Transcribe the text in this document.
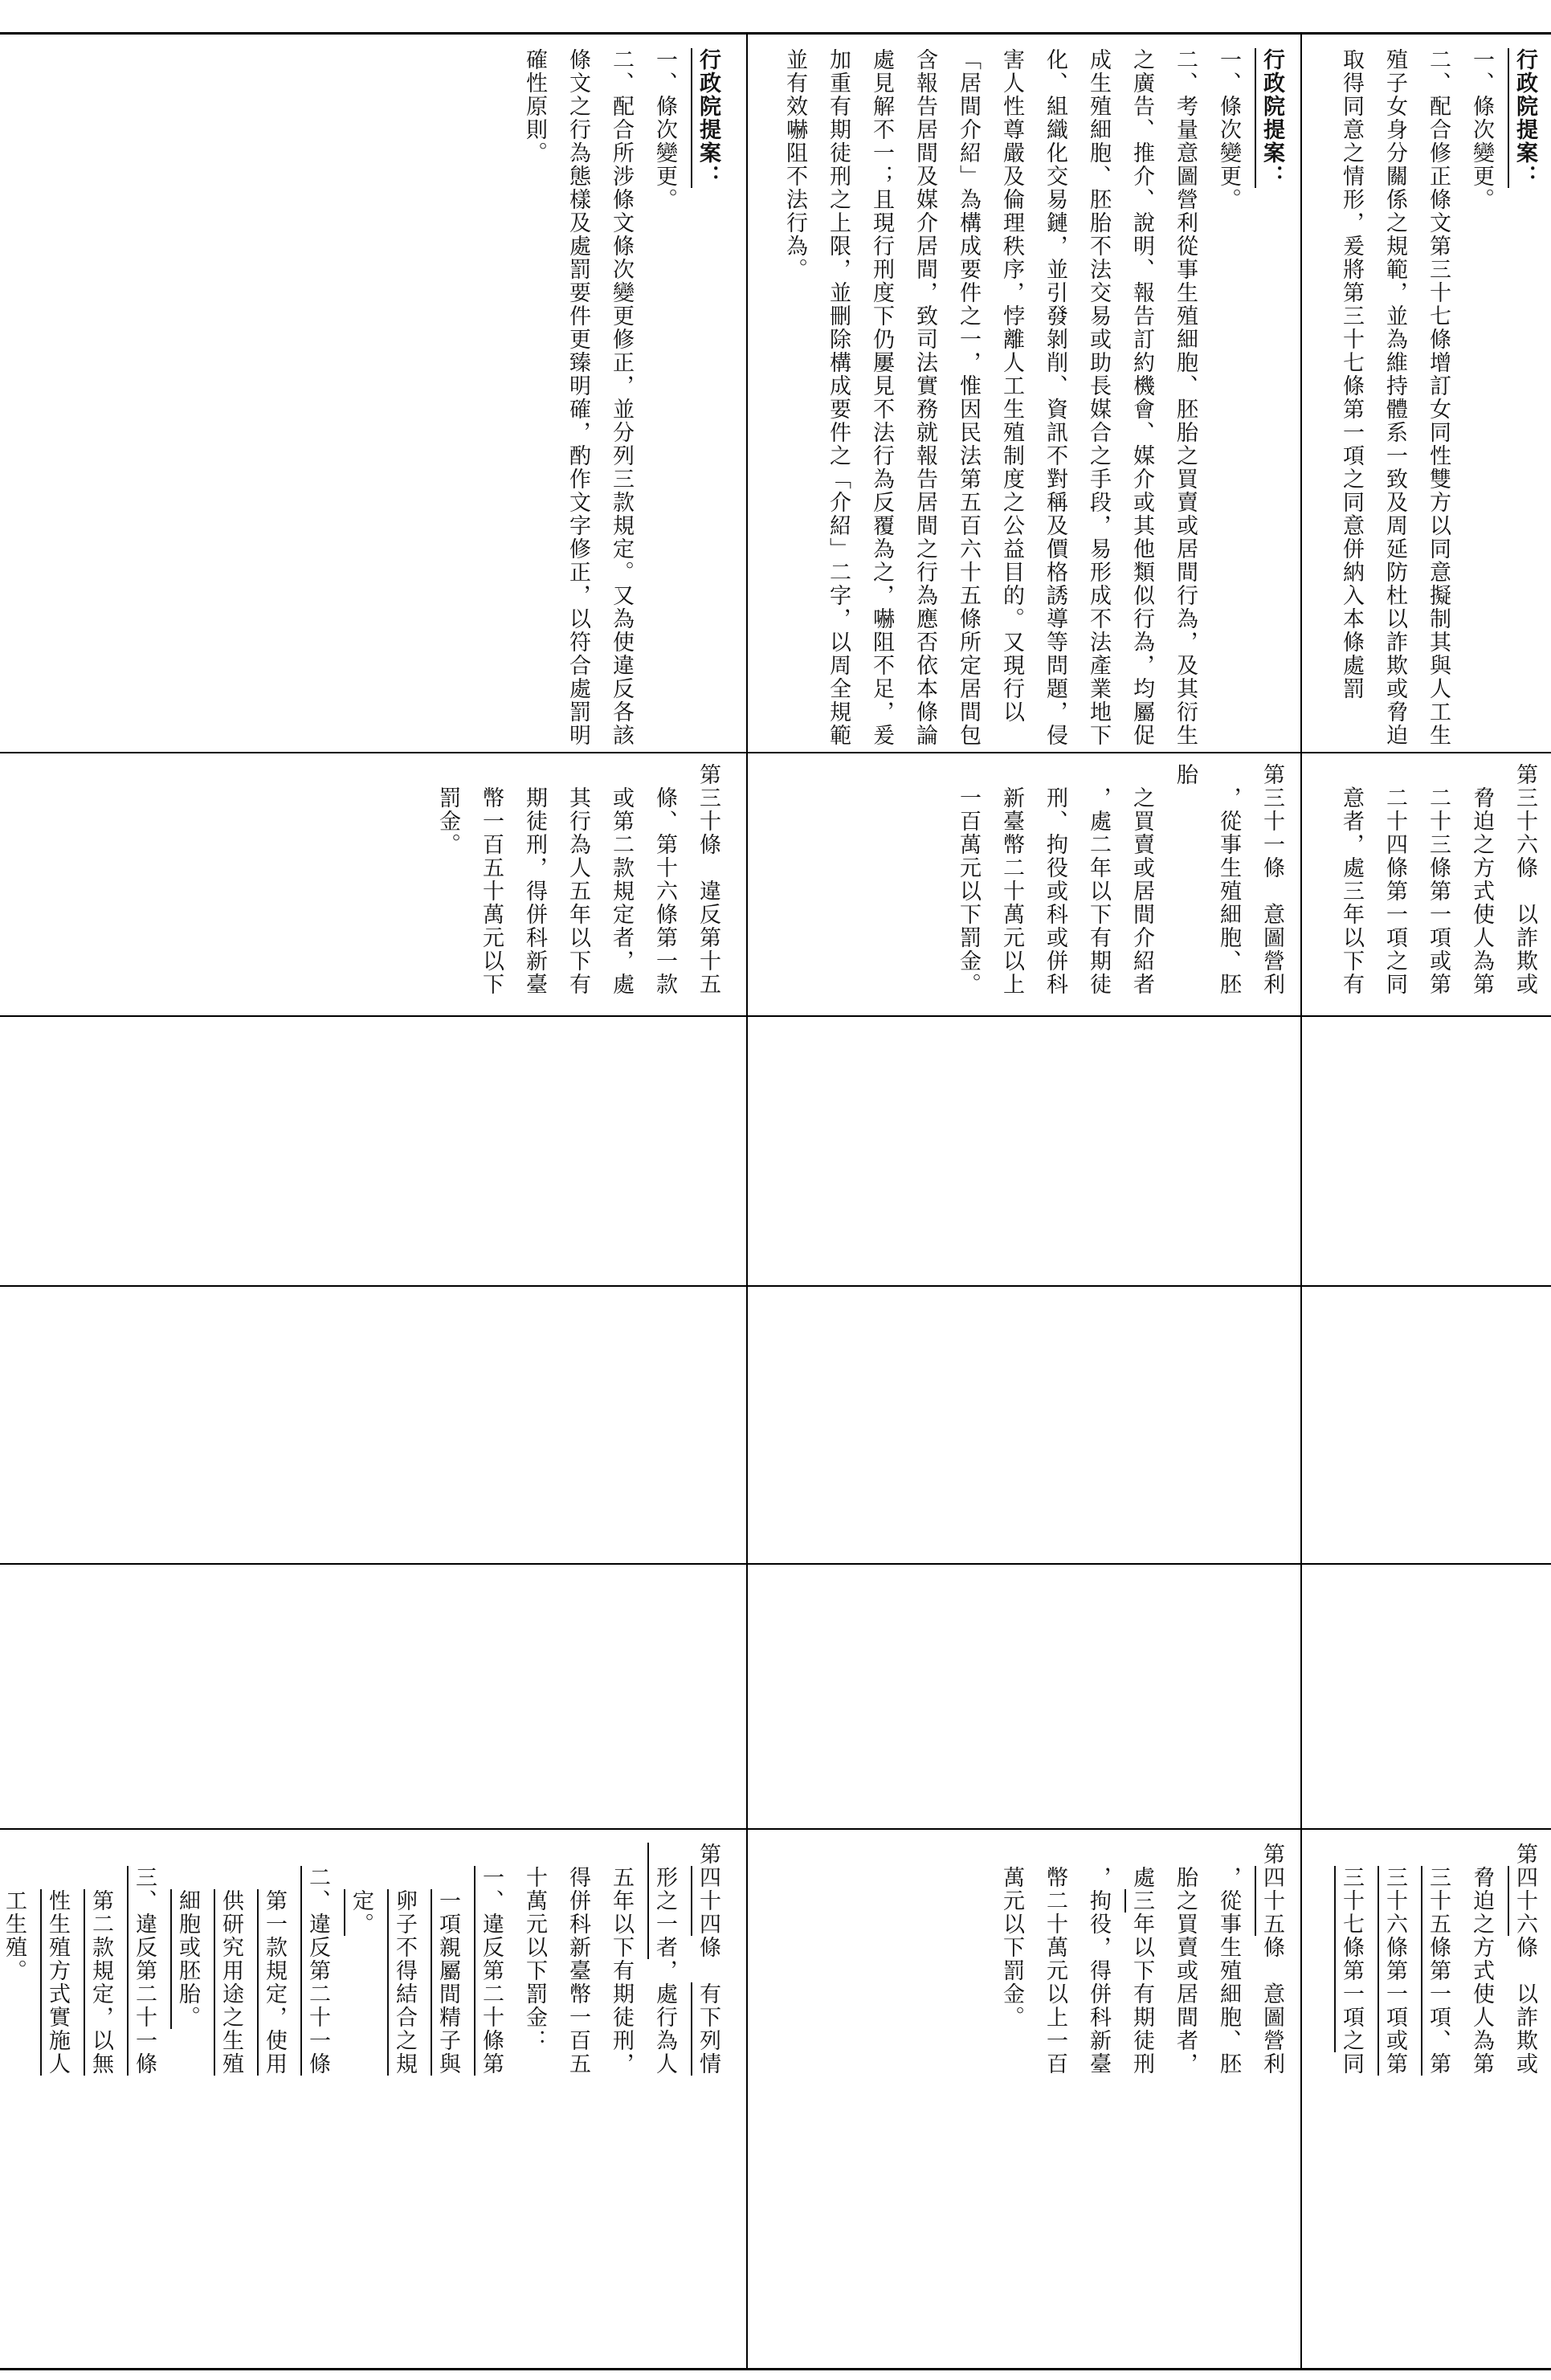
行政院提案：
一、條次變更。
二、配合所涉條文條次變更修正，並分列三款規定。又為使違反各該條文之行為態樣及處罰要件更臻明確，酌作文字修正，以符合處罰明確性原則。
第三十條　違反第十五
　條、第十六條第一款
　或第二款規定者，處
　其行為人五年以下有
　期徒刑，得併科新臺
　幣一百五十萬元以下
　罰金。
第四十四條　有下列情
　形之一者，處行為人
　五年以下有期徒刑，
　得併科新臺幣一百五
　十萬元以下罰金：
　一、違反第二十條第
　　一項親屬間精子與
　　卵子不得結合之規
　　定。
　二、違反第二十一條
　　第一款規定，使用
　　供研究用途之生殖
　　細胞或胚胎。
　三、違反第二十一條
　　第二款規定，以無
　　性生殖方式實施人
　　工生殖。
行政院提案：
一、條次變更。
二、考量意圖營利從事生殖細胞、胚胎之買賣或居間行為，及其衍生之廣告、推介、說明、報告訂約機會、媒介或其他類似行為，均屬促成生殖細胞、胚胎不法交易或助長媒合之手段，易形成不法產業地下化、組織化交易鏈，並引發剝削、資訊不對稱及價格誘導等問題，侵害人性尊嚴及倫理秩序，悖離人工生殖制度之公益目的。又現行以「居間介紹」為構成要件之一，惟因民法第五百六十五條所定居間包含報告居間及媒介居間，致司法實務就報告居間之行為應否依本條論處見解不一；且現行刑度下仍屢見不法行為反覆為之，嚇阻不足，爰加重有期徒刑之上限，並刪除構成要件之「介紹」二字，以周全規範並有效嚇阻不法行為。
第三十一條　意圖營利
　，從事生殖細胞、胚胎
　之買賣或居間介紹者
　，處二年以下有期徒
　刑、拘役或科或併科
　新臺幣二十萬元以上
　一百萬元以下罰金。
第四十五條　意圖營利
　，從事生殖細胞、胚
　胎之買賣或居間者，
　處三年以下有期徒刑
　，拘役，得併科新臺
　幣二十萬元以上一百
　萬元以下罰金。
行政院提案：
一、條次變更。
二、配合修正條文第三十七條增訂女同性雙方以同意擬制其與人工生殖子女身分關係之規範，並為維持體系一致及周延防杜以詐欺或脅迫取得同意之情形，爰將第三十七條第一項之同意併納入本條處罰
第三十六條　以詐欺或
　脅迫之方式使人為第
　二十三條第一項或第
　二十四條第一項之同
　意者，處三年以下有
第四十六條　以詐欺或
　脅迫之方式使人為第
　三十五條第一項、第
　三十六條第一項或第
　三十七條第一項之同
